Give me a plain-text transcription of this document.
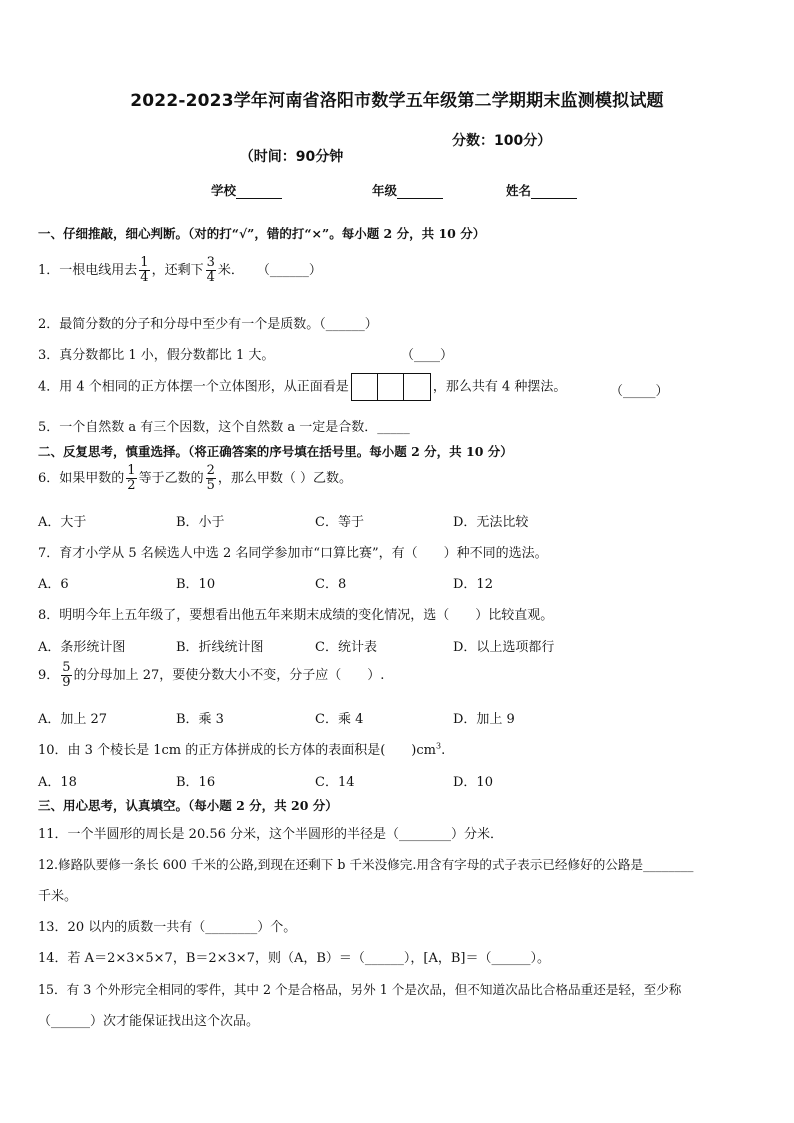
2022-2023学年河南省洛阳市数学五年级第二学期期末监测模拟试题

（时间：90分钟

分数：100分）

学校	年级	姓名
一、仔细推敲，细心判断。（对的打“√”，错的打“×”。每小题 2 分，共 10 分）
1．一根电线用去 $\frac{1}{4}$ ，还剩下 $\frac{3}{4}$ 米．　　（______）
2．最简分数的分子和分母中至少有一个是质数。（______）
3．真分数都比 1 小，假分数都比 1 大。	（____）
4．用 4 个相同的正方体摆一个立体图形，从正面看是	，那么共有 4 种摆法。	（_____）
5．一个自然数 a 有三个因数，这个自然数 a 一定是合数．_____
二、反复思考，慎重选择。（将正确答案的序号填在括号里。每小题 2 分，共 10 分）
6．如果甲数的 $\frac{1}{2}$ 等于乙数的 $\frac{2}{5}$ ，那么甲数（ ）乙数。
A．大于	B．小于	C．等于	D．无法比较
7．育才小学从 5 名候选人中选 2 名同学参加市“口算比赛”，有（　　）种不同的选法。
A．6	B．10	C．8	D．12
8．明明今年上五年级了，要想看出他五年来期末成绩的变化情况，选（　　）比较直观。
A．条形统计图	B．折线统计图	C．统计表	D．以上选项都行
9． $\frac{5}{9}$ 的分母加上 27，要使分数大小不变，分子应（　　）.
A．加上 27	B．乘 3	C．乘 4	D．加上 9
10．由 3 个棱长是 1cm 的正方体拼成的长方体的表面积是(　　)$cm^3$.
A．18	B．16	C．14	D．10
三、用心思考，认真填空。（每小题 2 分，共 20 分）
11．一个半圆形的周长是 20.56 分米，这个半圆形的半径是（________）分米．
12.修路队要修一条长 600 千米的公路,到现在还剩下 b 千米没修完.用含有字母的式子表示已经修好的公路是________
千米。
13．20 以内的质数一共有（________）个。
14．若 A＝2×3×5×7，B＝2×3×7，则（A，B）＝（______），[A，B]＝（______）。
15．有 3 个外形完全相同的零件，其中 2 个是合格品，另外 1 个是次品，但不知道次品比合格品重还是轻，至少称
（______）次才能保证找出这个次品。
